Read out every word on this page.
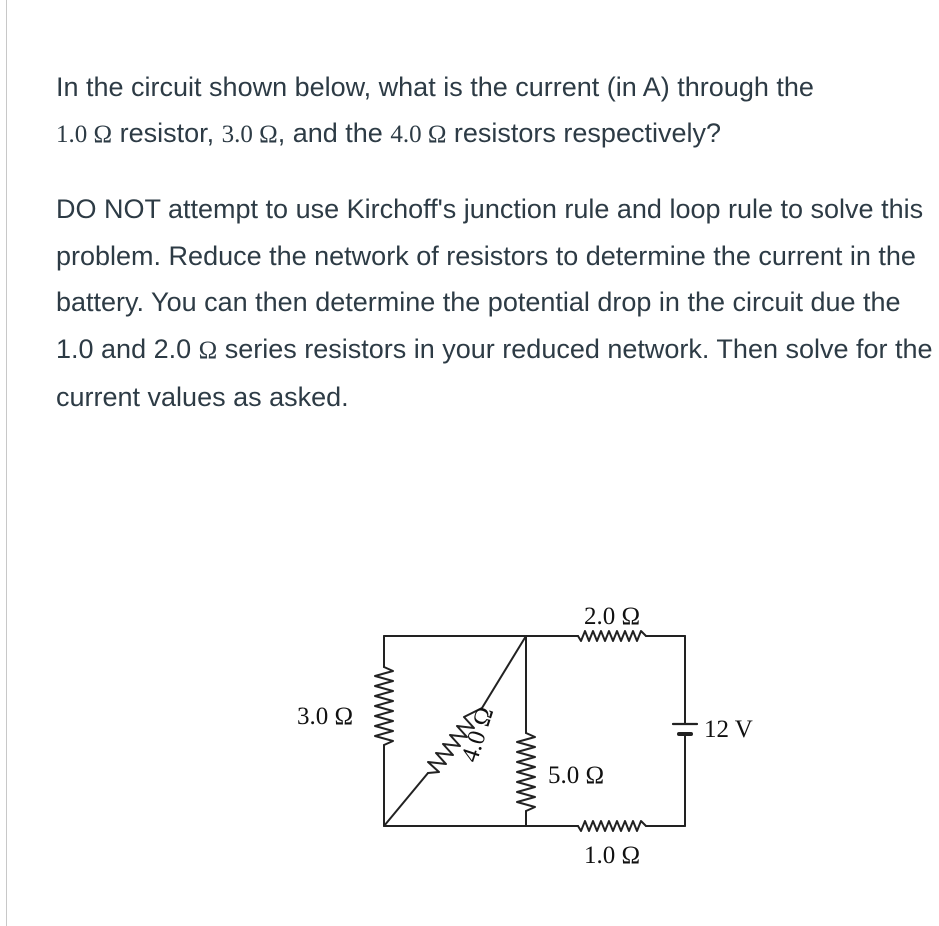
In the circuit shown below, what is the current (in A) through the

1.0 Ω resistor, 3.0 Ω, and the 4.0 Ω resistors respectively?

DO NOT attempt to use Kirchoff's junction rule and loop rule to solve this problem. Reduce the network of resistors to determine the current in the battery. You can then determine the potential drop in the circuit due the 1.0 and 2.0 Ω series resistors in your reduced network. Then solve for the current values as asked.

2.0 Ω
3.0 Ω	4.0 Ω
5.0 Ω
1.0 Ω
12 V
